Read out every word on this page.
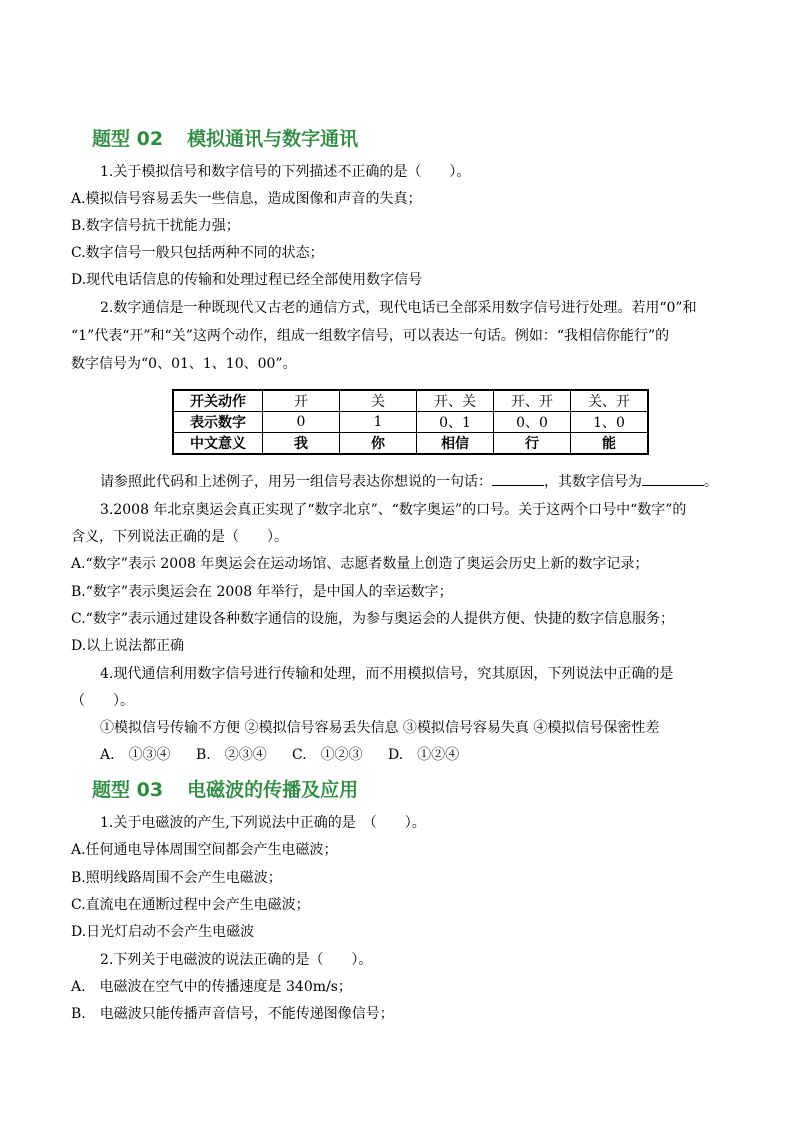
题型 02 模拟通讯与数字通讯
1.关于模拟信号和数字信号的下列描述不正确的是（　　）。
A.模拟信号容易丢失一些信息，造成图像和声音的失真；
B.数字信号抗干扰能力强；
C.数字信号一般只包括两种不同的状态；
D.现代电话信息的传输和处理过程已经全部使用数字信号
2.数字通信是一种既现代又古老的通信方式，现代电话已全部采用数字信号进行处理。若用“0”和
“1”代表“开”和“关”这两个动作，组成一组数字信号，可以表达一句话。例如：“我相信你能行”的
数字信号为“0、01、1、10、00”。
开关动作	开	关	开、关	开、开	关、开
表示数字	0	1	0、1	0、0	1、0
中文意义	我	你	相信	行	能
请参照此代码和上述例子，用另一组信号表达你想说的一句话：	，其数字信号为	。
3.2008 年北京奥运会真正实现了“数字北京”、“数字奥运”的口号。关于这两个口号中“数字”的
含义，下列说法正确的是（　　）。
A.“数字”表示 2008 年奥运会在运动场馆、志愿者数量上创造了奥运会历史上新的数字记录；
B.“数字”表示奥运会在 2008 年举行，是中国人的幸运数字；
C.“数字”表示通过建设各种数字通信的设施，为参与奥运会的人提供方便、快捷的数字信息服务；
D.以上说法都正确
4.现代通信利用数字信号进行传输和处理，而不用模拟信号，究其原因，下列说法中正确的是
（　　）。
①模拟信号传输不方便 ②模拟信号容易丢失信息 ③模拟信号容易失真 ④模拟信号保密性差
A.　①③④ B.　②③④ C.　①②③ D.　①②④
题型 03 电磁波的传播及应用
1.关于电磁波的产生,下列说法中正确的是　（　　）。
A.任何通电导体周围空间都会产生电磁波；
B.照明线路周围不会产生电磁波；
C.直流电在通断过程中会产生电磁波；
D.日光灯启动不会产生电磁波
2.下列关于电磁波的说法正确的是（　　）。
A.　电磁波在空气中的传播速度是 340m/s；
B.　电磁波只能传播声音信号，不能传递图像信号；
